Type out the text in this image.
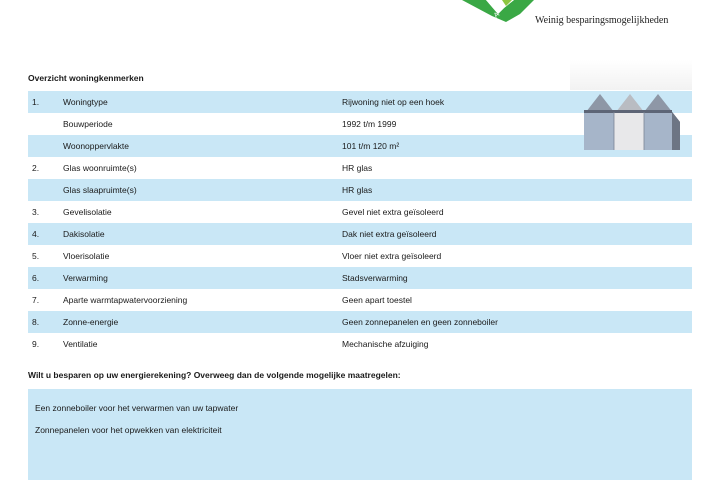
A	Weinig besparingsmogelijkheden
Overzicht woningkenmerken
1.	Woningtype	Rijwoning niet op een hoek
	Bouwperiode	1992 t/m 1999
	Woonoppervlakte	101 t/m 120 m²
2.	Glas woonruimte(s)	HR glas
	Glas slaapruimte(s)	HR glas
3.	Gevelisolatie	Gevel niet extra geïsoleerd
4.	Dakisolatie	Dak niet extra geïsoleerd
5.	Vloerisolatie	Vloer niet extra geïsoleerd
6.	Verwarming	Stadsverwarming
7.	Aparte warmtapwatervoorziening	Geen apart toestel
8.	Zonne-energie	Geen zonnepanelen en geen zonneboiler
9.	Ventilatie	Mechanische afzuiging
Wilt u besparen op uw energierekening? Overweeg dan de volgende mogelijke maatregelen:
Een zonneboiler voor het verwarmen van uw tapwater
Zonnepanelen voor het opwekken van elektriciteit
